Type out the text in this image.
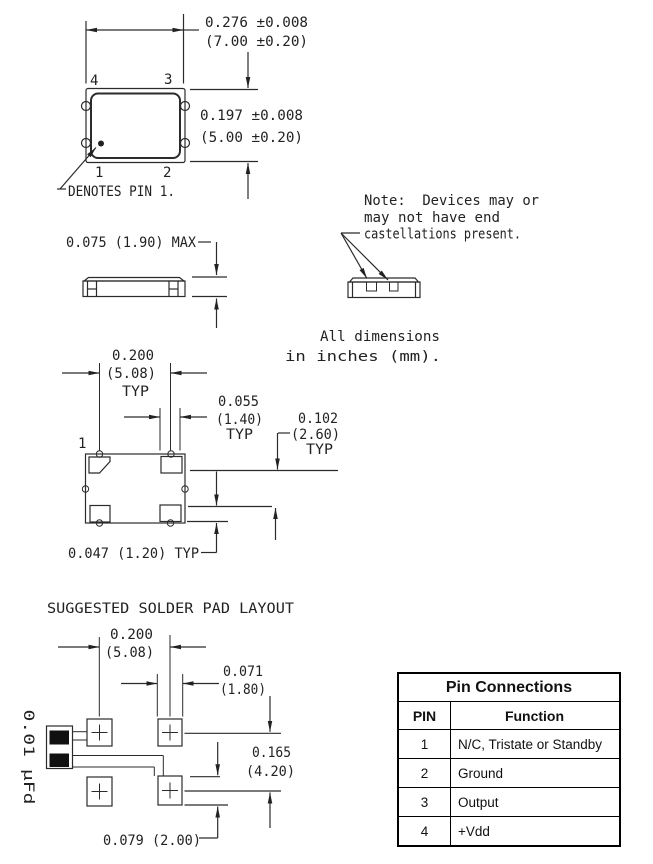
4	3
1	2
0.276 ±0.008
(7.00 ±0.20)
0.197 ±0.008
(5.00 ±0.20)
DENOTES PIN 1.
0.075 (1.90) MAX
Note:  Devices may or
may not have end
castellations present.
All dimensions
in inches (mm).
1
0.200
(5.08)
TYP
0.055
(1.40)
TYP
0.102
(2.60)
TYP
0.047 (1.20) TYP
SUGGESTED SOLDER PAD LAYOUT
0.200
(5.08)
0.071
(1.80)
0.165
(4.20)
0.079 (2.00)
0.01 µFd
Pin Connections	
PIN	Function
1	N/C, Tristate or Standby
2	Ground
3	Output
4	+Vdd
